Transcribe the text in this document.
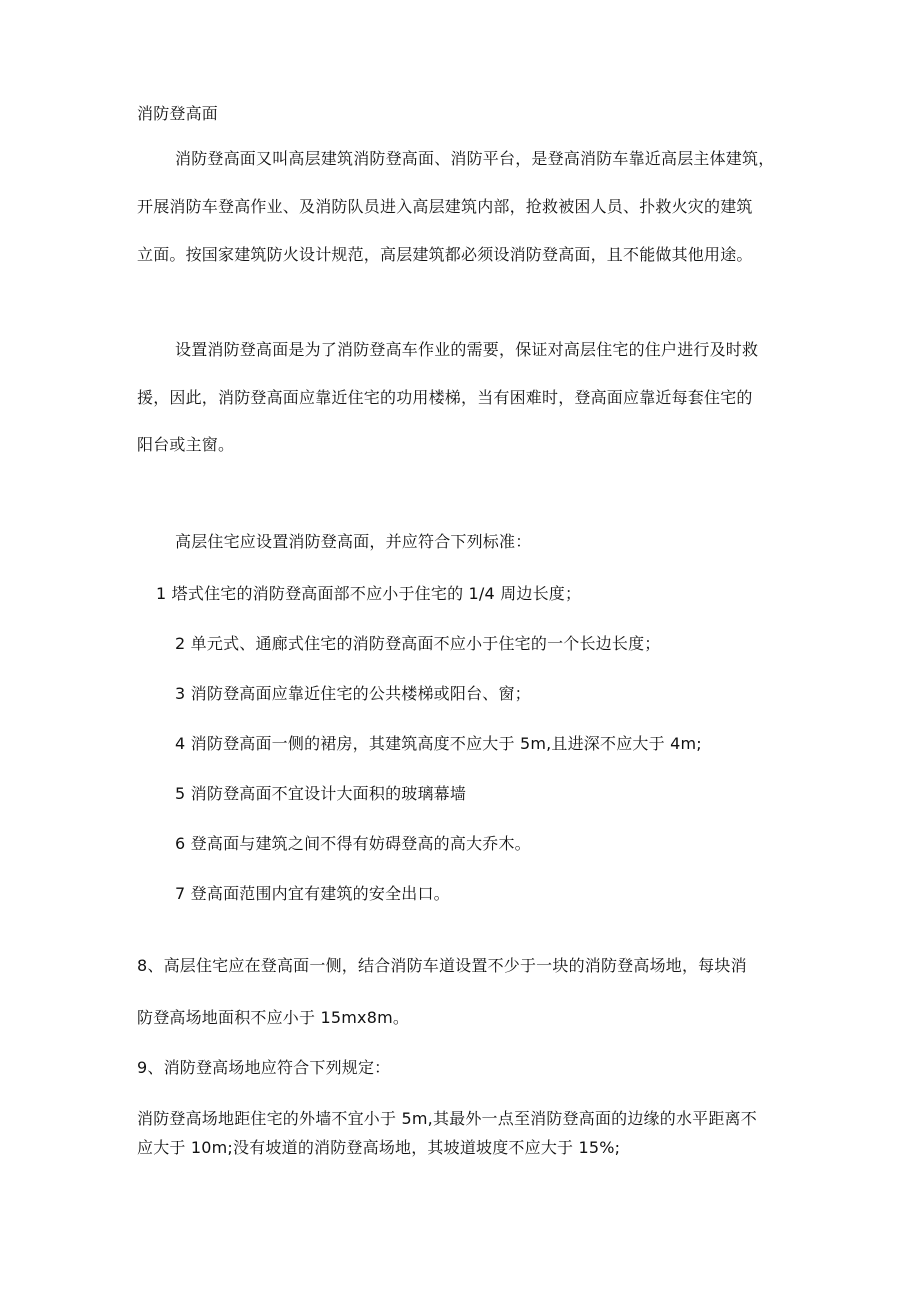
消防登高面
消防登高面又叫高层建筑消防登高面、消防平台，是登高消防车靠近高层主体建筑，
开展消防车登高作业、及消防队员进入高层建筑内部，抢救被困人员、扑救火灾的建筑
立面。按国家建筑防火设计规范，高层建筑都必须设消防登高面，且不能做其他用途。
设置消防登高面是为了消防登高车作业的需要，保证对高层住宅的住户进行及时救
援，因此，消防登高面应靠近住宅的功用楼梯，当有困难时，登高面应靠近每套住宅的
阳台或主窗。
高层住宅应设置消防登高面，并应符合下列标准：
1 塔式住宅的消防登高面部不应小于住宅的 1/4 周边长度；
2 单元式、通廊式住宅的消防登高面不应小于住宅的一个长边长度；
3 消防登高面应靠近住宅的公共楼梯或阳台、窗；
4 消防登高面一侧的裙房，其建筑高度不应大于 5m,且进深不应大于 4m;
5 消防登高面不宜设计大面积的玻璃幕墙
6 登高面与建筑之间不得有妨碍登高的高大乔木。
7 登高面范围内宜有建筑的安全出口。
8、高层住宅应在登高面一侧，结合消防车道设置不少于一块的消防登高场地，每块消
防登高场地面积不应小于 15mx8m。
9、消防登高场地应符合下列规定：
消防登高场地距住宅的外墙不宜小于 5m,其最外一点至消防登高面的边缘的水平距离不
应大于 10m;没有坡道的消防登高场地，其坡道坡度不应大于 15%;
